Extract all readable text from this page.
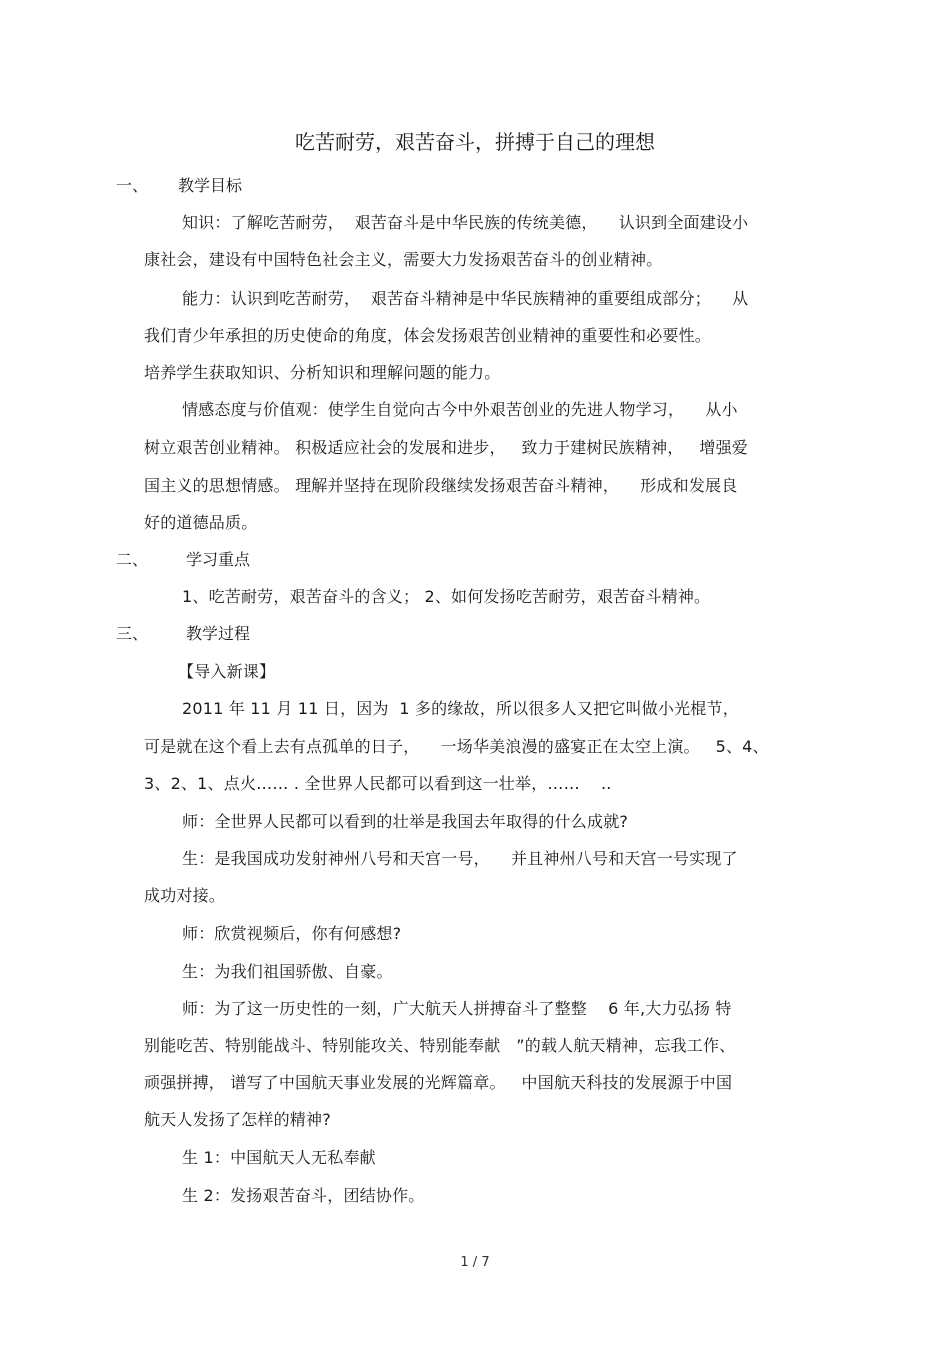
吃苦耐劳，艰苦奋斗，拼搏于自己的理想
一、 教学目标
知识：了解吃苦耐劳，  艰苦奋斗是中华民族的传统美德，    认识到全面建设小
康社会，建设有中国特色社会主义，需要大力发扬艰苦奋斗的创业精神。
能力：认识到吃苦耐劳，  艰苦奋斗精神是中华民族精神的重要组成部分；    从
我们青少年承担的历史使命的角度，体会发扬艰苦创业精神的重要性和必要性。
培养学生获取知识、分析知识和理解问题的能力。
情感态度与价值观：使学生自觉向古今中外艰苦创业的先进人物学习，    从小
树立艰苦创业精神。 积极适应社会的发展和进步，   致力于建树民族精神，   增强爱
国主义的思想情感。 理解并坚持在现阶段继续发扬艰苦奋斗精神，    形成和发展良
好的道德品质。
二、 学习重点
1、吃苦耐劳，艰苦奋斗的含义； 2、如何发扬吃苦耐劳，艰苦奋斗精神。
三、 教学过程
【导入新课】
2011 年 11 月 11 日，因为  1 多的缘故，所以很多人又把它叫做小光棍节，
可是就在这个看上去有点孤单的日子，    一场华美浪漫的盛宴正在太空上演。   5、4、
3、2、1、点火…… . 全世界人民都可以看到这一壮举，……    ..
师：全世界人民都可以看到的壮举是我国去年取得的什么成就?
生：是我国成功发射神州八号和天宫一号，    并且神州八号和天宫一号实现了
成功对接。
师：欣赏视频后，你有何感想?
生：为我们祖国骄傲、自豪。
师：为了这一历史性的一刻，广大航天人拼搏奋斗了整整    6 年,大力弘扬 特
别能吃苦、特别能战斗、特别能攻关、特别能奉献   ”的载人航天精神，忘我工作、
顽强拼搏， 谱写了中国航天事业发展的光辉篇章。   中国航天科技的发展源于中国
航天人发扬了怎样的精神?
生 1：中国航天人无私奉献
生 2：发扬艰苦奋斗，团结协作。
1 / 7
